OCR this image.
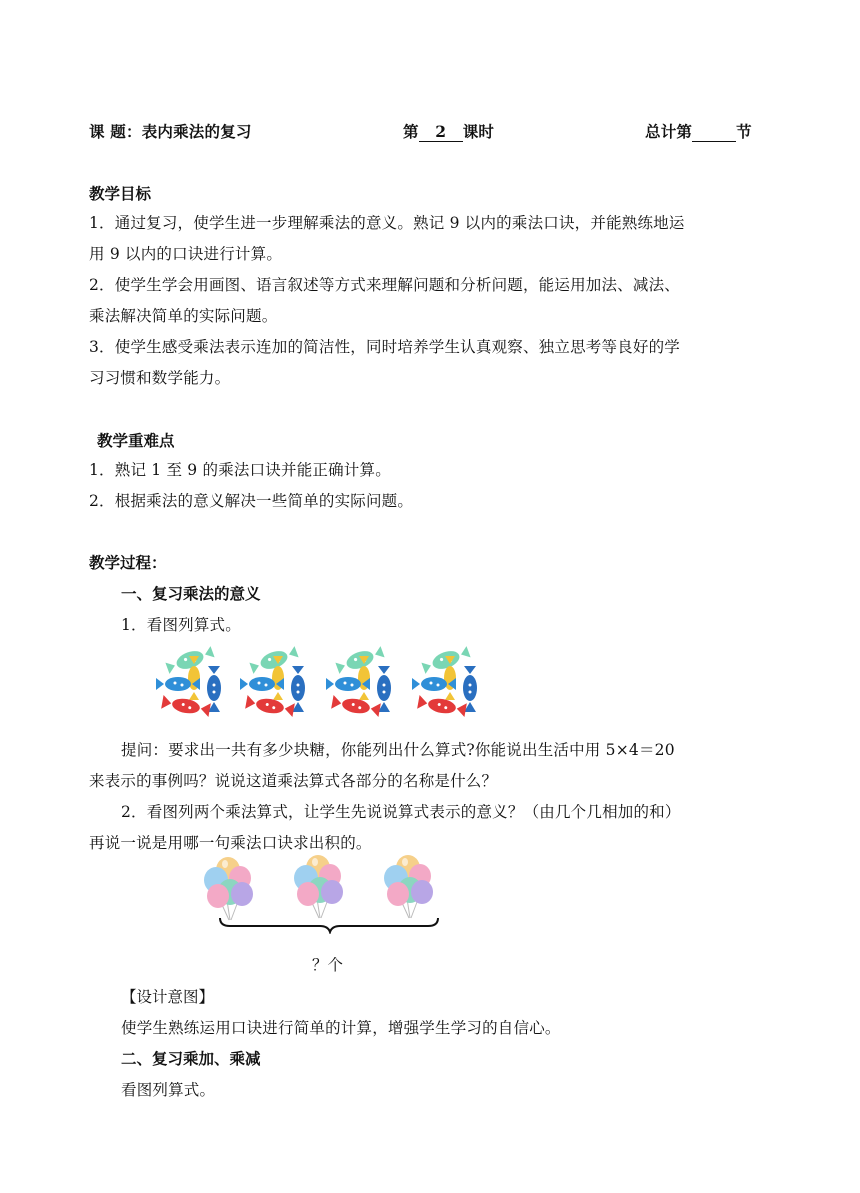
课 题：表内乘法的复习	第 2 课时	总计第	节
教学目标
1．通过复习，使学生进一步理解乘法的意义。熟记 9 以内的乘法口诀，并能熟练地运
用 9 以内的口诀进行计算。
2．使学生学会用画图、语言叙述等方式来理解问题和分析问题，能运用加法、减法、
乘法解决简单的实际问题。
3．使学生感受乘法表示连加的简洁性，同时培养学生认真观察、独立思考等良好的学
习习惯和数学能力。
教学重难点
1．熟记 1 至 9 的乘法口诀并能正确计算。
2．根据乘法的意义解决一些简单的实际问题。
教学过程：
一、复习乘法的意义
1．看图列算式。
提问：要求出一共有多少块糖，你能列出什么算式?你能说出生活中用 5×4＝20
来表示的事例吗？说说这道乘法算式各部分的名称是什么？
2．看图列两个乘法算式，让学生先说说算式表示的意义？（由几个几相加的和）
再说一说是用哪一句乘法口诀求出积的。
？个
【设计意图】
使学生熟练运用口诀进行简单的计算，增强学生学习的自信心。
二、复习乘加、乘减
看图列算式。
